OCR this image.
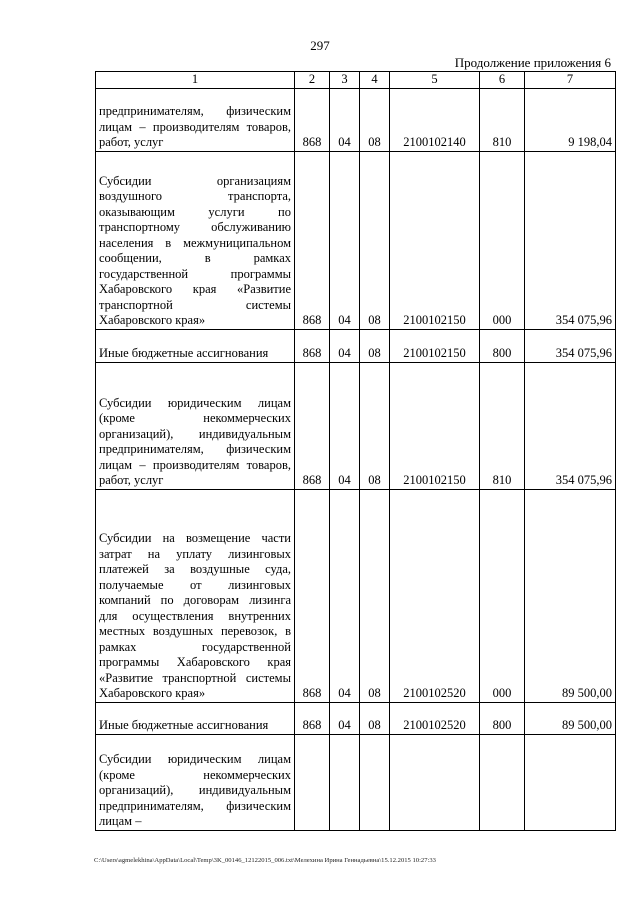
297
Продолжение приложения 6
1	2	3	4	5	6	7
предпринимателям, физическим лицам – производителям товаров, работ, услуг	868	04	08	2100102140	810	9 198,04
Субсидии организациям воздушного транспорта, оказывающим услуги по транспортному обслуживанию населения в межмуниципальном сообщении, в рамках государственной программы Хабаровского края «Развитие транспортной системы Хабаровского края»	868	04	08	2100102150	000	354 075,96
Иные бюджетные ассигнования	868	04	08	2100102150	800	354 075,96
Субсидии юридическим лицам (кроме некоммерческих организаций), индивидуальным предпринимателям, физическим лицам – производителям товаров, работ, услуг	868	04	08	2100102150	810	354 075,96
Субсидии на возмещение части затрат на уплату лизинговых платежей за воздушные суда, получаемые от лизинговых компаний по договорам лизинга для осуществления внутренних местных воздушных перевозок, в рамках государственной программы Хабаровского края «Развитие транспортной системы Хабаровского края»	868	04	08	2100102520	000	89 500,00
Иные бюджетные ассигнования	868	04	08	2100102520	800	89 500,00
Субсидии юридическим лицам (кроме некоммерческих организаций), индивидуальным предпринимателям, физическим лицам –						
C:\Users\agmelekhina\AppData\Local\Temp\3K_00146_12122015_006.txt\Мелехина Ирина Геннадьевна\15.12.2015 10:27:33
